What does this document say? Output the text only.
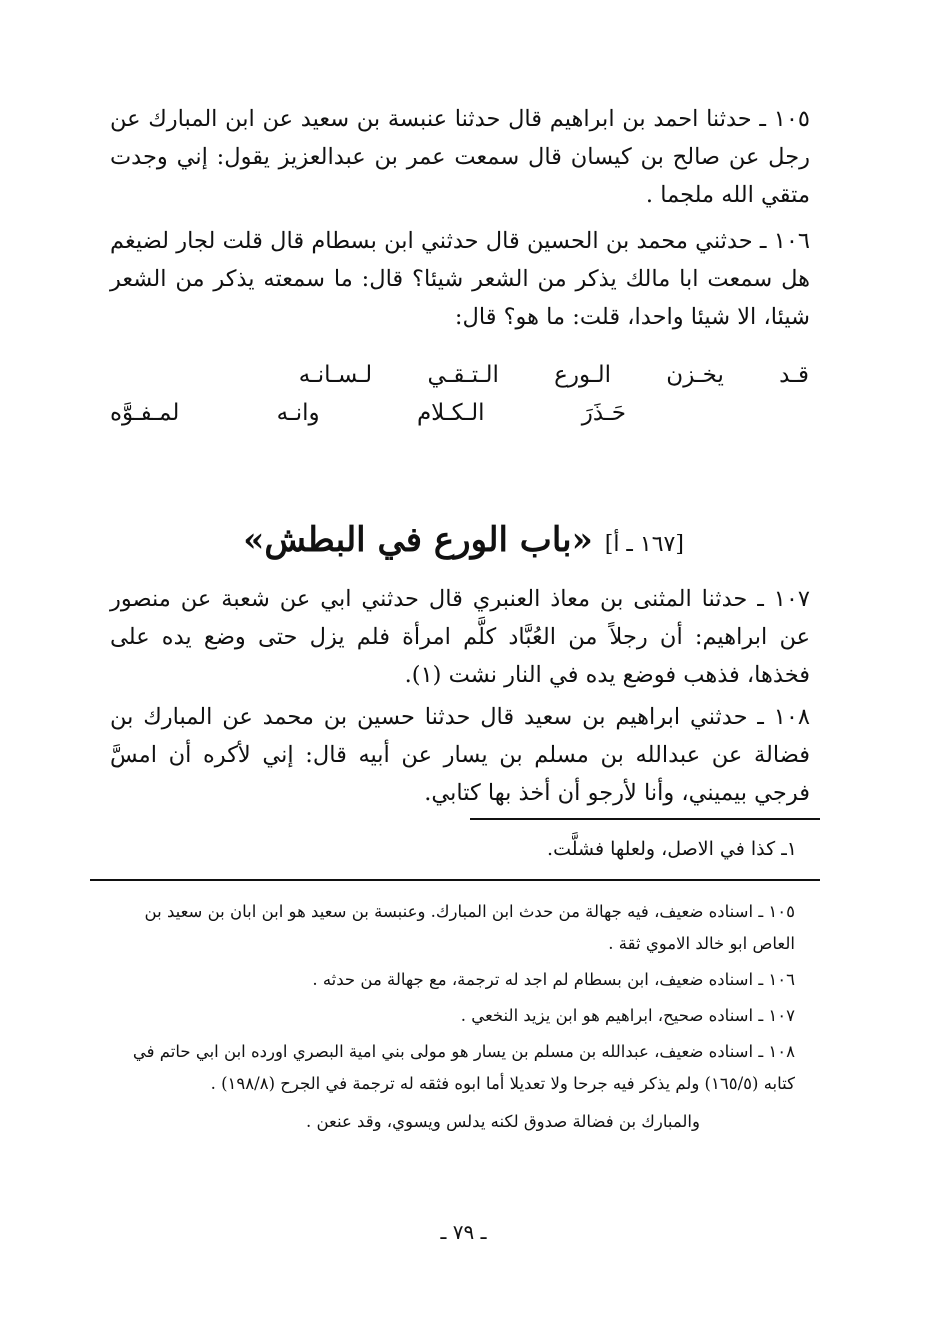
١٠٥ ـ حدثنا احمد بن ابراهيم قال حدثنا عنبسة بن سعيد عن ابن المبارك عن رجل عن صالح بن كيسان قال سمعت عمر بن عبدالعزيز يقول: إني وجدت متقي الله ملجما .

١٠٦ ـ حدثني محمد بن الحسين قال حدثني ابن بسطام قال قلت لجار لضيغم هل سمعت ابا مالك يذكر من الشعر شيئا؟ قال: ما سمعته يذكر من الشعر شيئا، الا شيئا واحدا، قلت: ما هو؟ قال:

قـد يخـزن الـورع الـتـقـي لـسـانـه
حَـذَرَ الـكـلام وانـه لمـفـوَّه
[١٦٧ ـ أ] «باب الورع في البطش»

١٠٧ ـ حدثنا المثنى بن معاذ العنبري قال حدثني ابي عن شعبة عن منصور عن ابراهيم: أن رجلاً من العُبَّاد كلَّم امرأة فلم يزل حتى وضع يده على فخذها، فذهب فوضع يده في النار نشت (١).

١٠٨ ـ حدثني ابراهيم بن سعيد قال حدثنا حسين بن محمد عن المبارك بن فضالة عن عبدالله بن مسلم بن يسار عن أبيه قال: إني لأكره أن امسَّ فرجي بيميني، وأنا لأرجو أن أخذ بها كتابي.

١ـ كذا في الاصل، ولعلها فشلَّت.

١٠٥ ـ اسناده ضعيف، فيه جهالة من حدث ابن المبارك. وعنبسة بن سعيد هو ابن ابان بن سعيد بن العاص ابو خالد الاموي ثقة .

١٠٦ ـ اسناده ضعيف، ابن بسطام لم اجد له ترجمة، مع جهالة من حدثه .

١٠٧ ـ اسناده صحيح، ابراهيم هو ابن يزيد النخعي .

١٠٨ ـ اسناده ضعيف، عبدالله بن مسلم بن يسار هو مولى بني امية البصري اورده ابن ابي حاتم في كتابه (١٦٥/٥) ولم يذكر فيه جرحا ولا تعديلا أما ابوه فثقه له ترجمة في الجرح (١٩٨/٨) .

والمبارك بن فضالة صدوق لكنه يدلس ويسوي، وقد عنعن .

ـ ٧٩ ـ
